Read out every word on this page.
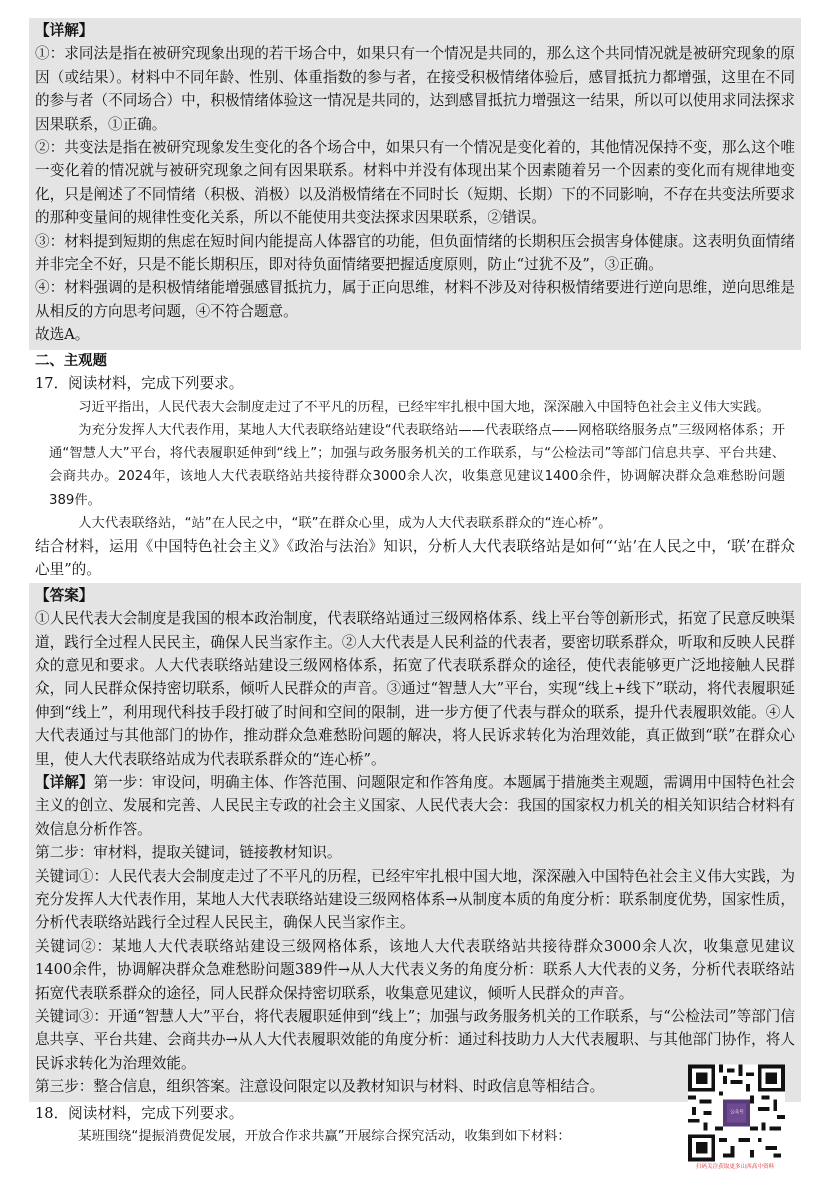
【详解】

①：求同法是指在被研究现象出现的若干场合中，如果只有一个情况是共同的，那么这个共同情况就是被研究现象的原因（或结果）。材料中不同年龄、性别、体重指数的参与者，在接受积极情绪体验后，感冒抵抗力都增强，这里在不同的参与者（不同场合）中，积极情绪体验这一情况是共同的，达到感冒抵抗力增强这一结果，所以可以使用求同法探求因果联系，①正确。

②：共变法是指在被研究现象发生变化的各个场合中，如果只有一个情况是变化着的，其他情况保持不变，那么这个唯一变化着的情况就与被研究现象之间有因果联系。材料中并没有体现出某个因素随着另一个因素的变化而有规律地变化，只是阐述了不同情绪（积极、消极）以及消极情绪在不同时长（短期、长期）下的不同影响，不存在共变法所要求的那种变量间的规律性变化关系，所以不能使用共变法探求因果联系，②错误。

③：材料提到短期的焦虑在短时间内能提高人体器官的功能，但负面情绪的长期积压会损害身体健康。这表明负面情绪并非完全不好，只是不能长期积压，即对待负面情绪要把握适度原则，防止“过犹不及”，③正确。

④：材料强调的是积极情绪能增强感冒抵抗力，属于正向思维，材料不涉及对待积极情绪要进行逆向思维，逆向思维是从相反的方向思考问题，④不符合题意。

故选A。

二、主观题

17．阅读材料，完成下列要求。

习近平指出，人民代表大会制度走过了不平凡的历程，已经牢牢扎根中国大地，深深融入中国特色社会主义伟大实践。

为充分发挥人大代表作用，某地人大代表联络站建设“代表联络站——代表联络点——网格联络服务点”三级网格体系；开通“智慧人大”平台，将代表履职延伸到“线上”；加强与政务服务机关的工作联系，与“公检法司”等部门信息共享、平台共建、会商共办。2024年，该地人大代表联络站共接待群众3000余人次，收集意见建议1400余件，协调解决群众急难愁盼问题389件。

人大代表联络站，“站”在人民之中，“联”在群众心里，成为人大代表联系群众的“连心桥”。

结合材料，运用《中国特色社会主义》《政治与法治》知识，分析人大代表联络站是如何“‘站’在人民之中，‘联’在群众心里”的。

【答案】

①人民代表大会制度是我国的根本政治制度，代表联络站通过三级网格体系、线上平台等创新形式，拓宽了民意反映渠道，践行全过程人民民主，确保人民当家作主。②人大代表是人民利益的代表者，要密切联系群众，听取和反映人民群众的意见和要求。人大代表联络站建设三级网格体系，拓宽了代表联系群众的途径，使代表能够更广泛地接触人民群众，同人民群众保持密切联系，倾听人民群众的声音。③通过“智慧人大”平台，实现“线上+线下”联动，将代表履职延伸到“线上”，利用现代科技手段打破了时间和空间的限制，进一步方便了代表与群众的联系，提升代表履职效能。④人大代表通过与其他部门的协作，推动群众急难愁盼问题的解决，将人民诉求转化为治理效能，真正做到“联”在群众心里，使人大代表联络站成为代表联系群众的“连心桥”。

【详解】第一步：审设问，明确主体、作答范围、问题限定和作答角度。本题属于措施类主观题，需调用中国特色社会主义的创立、发展和完善、人民民主专政的社会主义国家、人民代表大会：我国的国家权力机关的相关知识结合材料有效信息分析作答。

第二步：审材料，提取关键词，链接教材知识。

关键词①：人民代表大会制度走过了不平凡的历程，已经牢牢扎根中国大地，深深融入中国特色社会主义伟大实践，为充分发挥人大代表作用，某地人大代表联络站建设三级网格体系→从制度本质的角度分析：联系制度优势，国家性质，分析代表联络站践行全过程人民民主，确保人民当家作主。

关键词②：某地人大代表联络站建设三级网格体系，该地人大代表联络站共接待群众3000余人次，收集意见建议1400余件，协调解决群众急难愁盼问题389件→从人大代表义务的角度分析：联系人大代表的义务，分析代表联络站拓宽代表联系群众的途径，同人民群众保持密切联系，收集意见建议，倾听人民群众的声音。

关键词③：开通“智慧人大”平台，将代表履职延伸到“线上”；加强与政务服务机关的工作联系，与“公检法司”等部门信息共享、平台共建、会商共办→从人大代表履职效能的角度分析：通过科技助力人大代表履职、与其他部门协作，将人民诉求转化为治理效能。

第三步：整合信息，组织答案。注意设问限定以及教材知识与材料、时政信息等相结合。

18．阅读材料，完成下列要求。

某班围绕“提振消费促发展，开放合作求共赢”开展综合探究活动，收集到如下材料：

公众号
扫码关注获取更多山西高中资料
